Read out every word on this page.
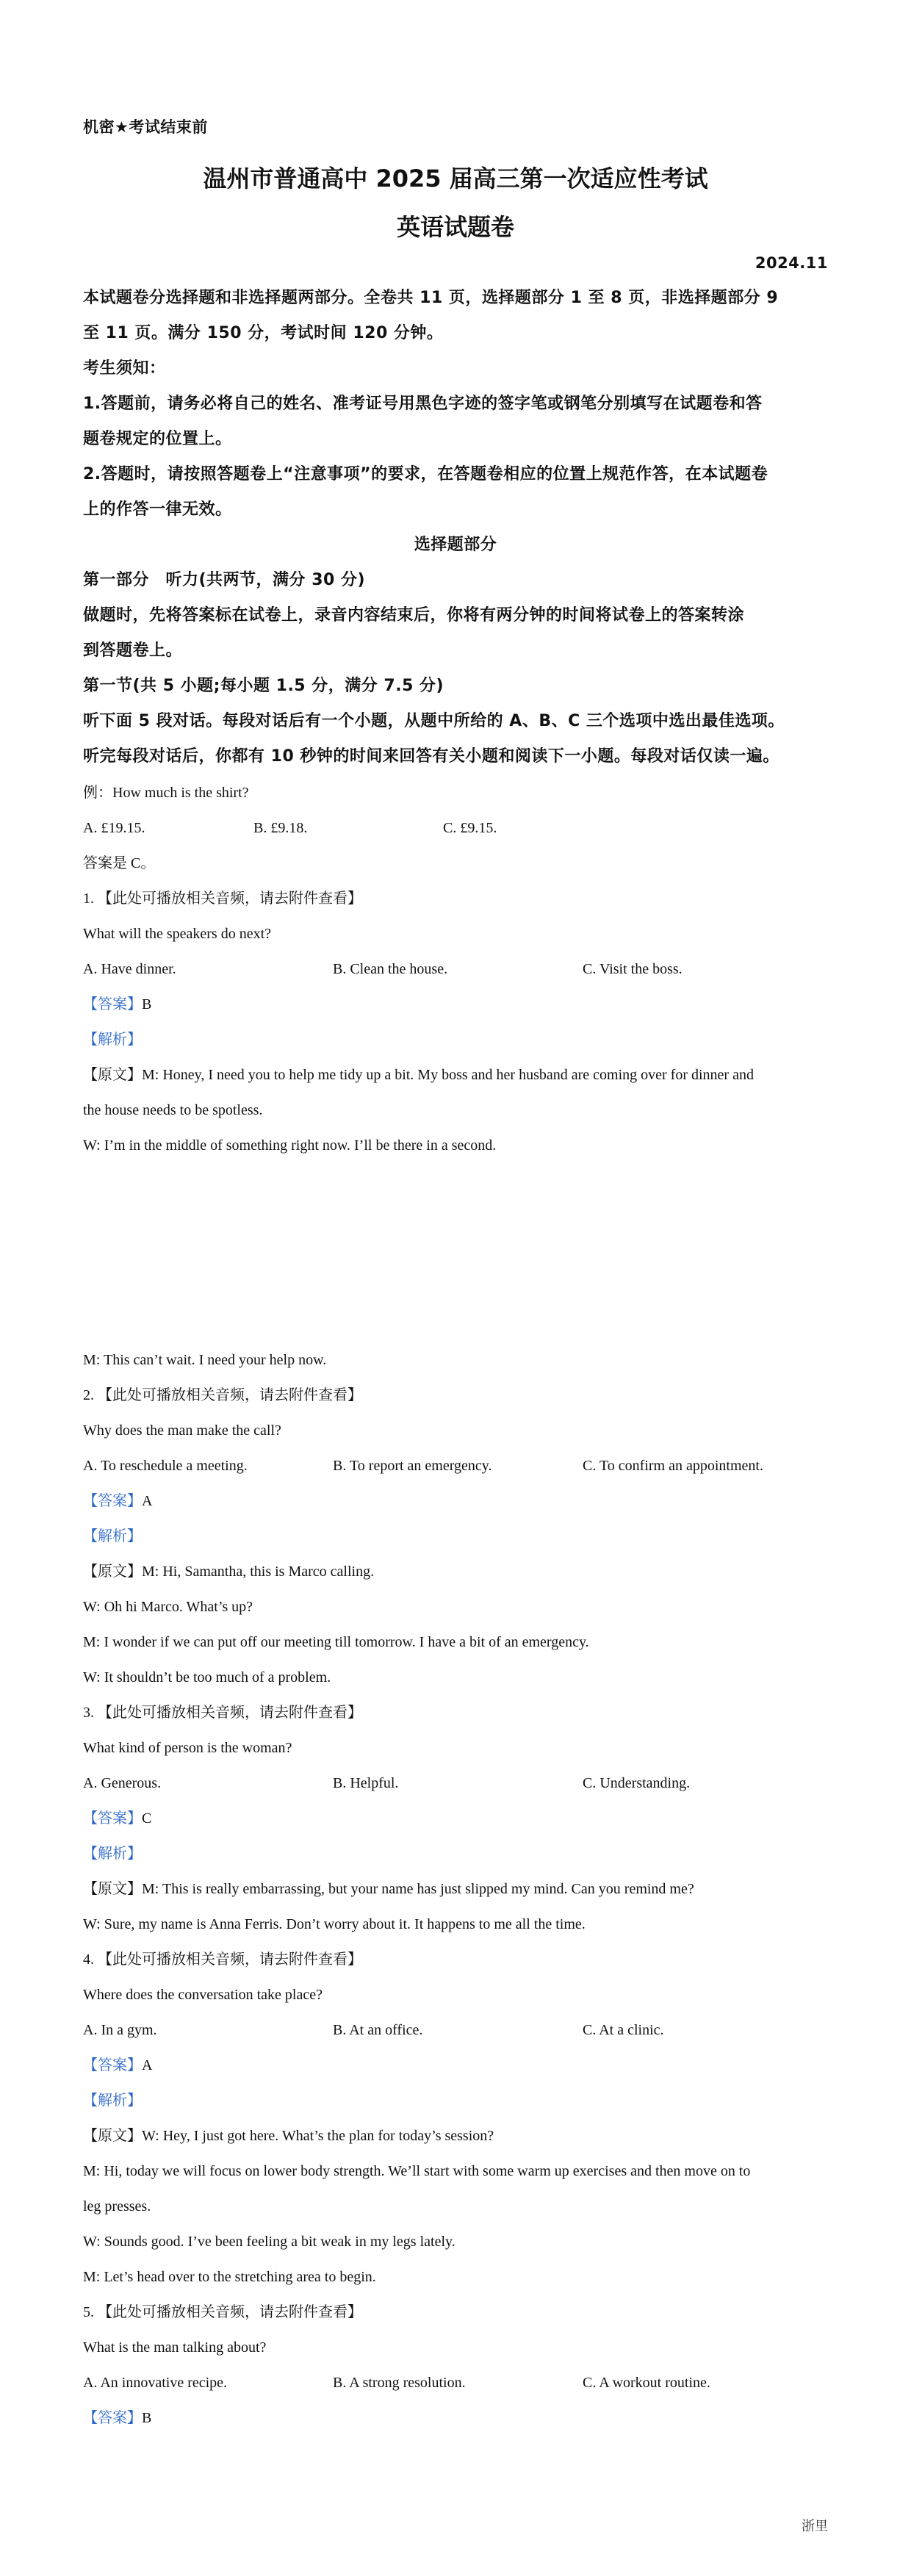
机密★考试结束前
温州市普通高中 2025 届高三第一次适应性考试
英语试题卷
2024.11
本试题卷分选择题和非选择题两部分。全卷共 11 页，选择题部分 1 至 8 页，非选择题部分 9
至 11 页。满分 150 分，考试时间 120 分钟。
考生须知：
1.答题前，请务必将自己的姓名、准考证号用黑色字迹的签字笔或钢笔分别填写在试题卷和答
题卷规定的位置上。
2.答题时，请按照答题卷上“注意事项”的要求，在答题卷相应的位置上规范作答，在本试题卷
上的作答一律无效。
选择题部分
第一部分　听力(共两节，满分 30 分)
做题时，先将答案标在试卷上，录音内容结束后，你将有两分钟的时间将试卷上的答案转涂
到答题卷上。
第一节(共 5 小题;每小题 1.5 分，满分 7.5 分)
听下面 5 段对话。每段对话后有一个小题，从题中所给的 A、B、C 三个选项中选出最佳选项。
听完每段对话后，你都有 10 秒钟的时间来回答有关小题和阅读下一小题。每段对话仅读一遍。
例：How much is the shirt?
A. £19.15.	B. £9.18.	C. £9.15.
答案是 C。
1. 【此处可播放相关音频，请去附件查看】
What will the speakers do next?
A. Have dinner.	B. Clean the house.	C. Visit the boss.
【答案】B
【解析】
【原文】M: Honey, I need you to help me tidy up a bit. My boss and her husband are coming over for dinner and
the house needs to be spotless.
W: I’m in the middle of something right now. I’ll be there in a second.
M: This can’t wait. I need your help now.
2. 【此处可播放相关音频，请去附件查看】
Why does the man make the call?
A. To reschedule a meeting.	B. To report an emergency.	C. To confirm an appointment.
【答案】A
【解析】
【原文】M: Hi, Samantha, this is Marco calling.
W: Oh hi Marco. What’s up?
M: I wonder if we can put off our meeting till tomorrow. I have a bit of an emergency.
W: It shouldn’t be too much of a problem.
3. 【此处可播放相关音频，请去附件查看】
What kind of person is the woman?
A. Generous.	B. Helpful.	C. Understanding.
【答案】C
【解析】
【原文】M: This is really embarrassing, but your name has just slipped my mind. Can you remind me?
W: Sure, my name is Anna Ferris. Don’t worry about it. It happens to me all the time.
4. 【此处可播放相关音频，请去附件查看】
Where does the conversation take place?
A. In a gym.	B. At an office.	C. At a clinic.
【答案】A
【解析】
【原文】W: Hey, I just got here. What’s the plan for today’s session?
M: Hi, today we will focus on lower body strength. We’ll start with some warm up exercises and then move on to
leg presses.
W: Sounds good. I’ve been feeling a bit weak in my legs lately.
M: Let’s head over to the stretching area to begin.
5. 【此处可播放相关音频，请去附件查看】
What is the man talking about?
A. An innovative recipe.	B. A strong resolution.	C. A workout routine.
【答案】B
浙里
